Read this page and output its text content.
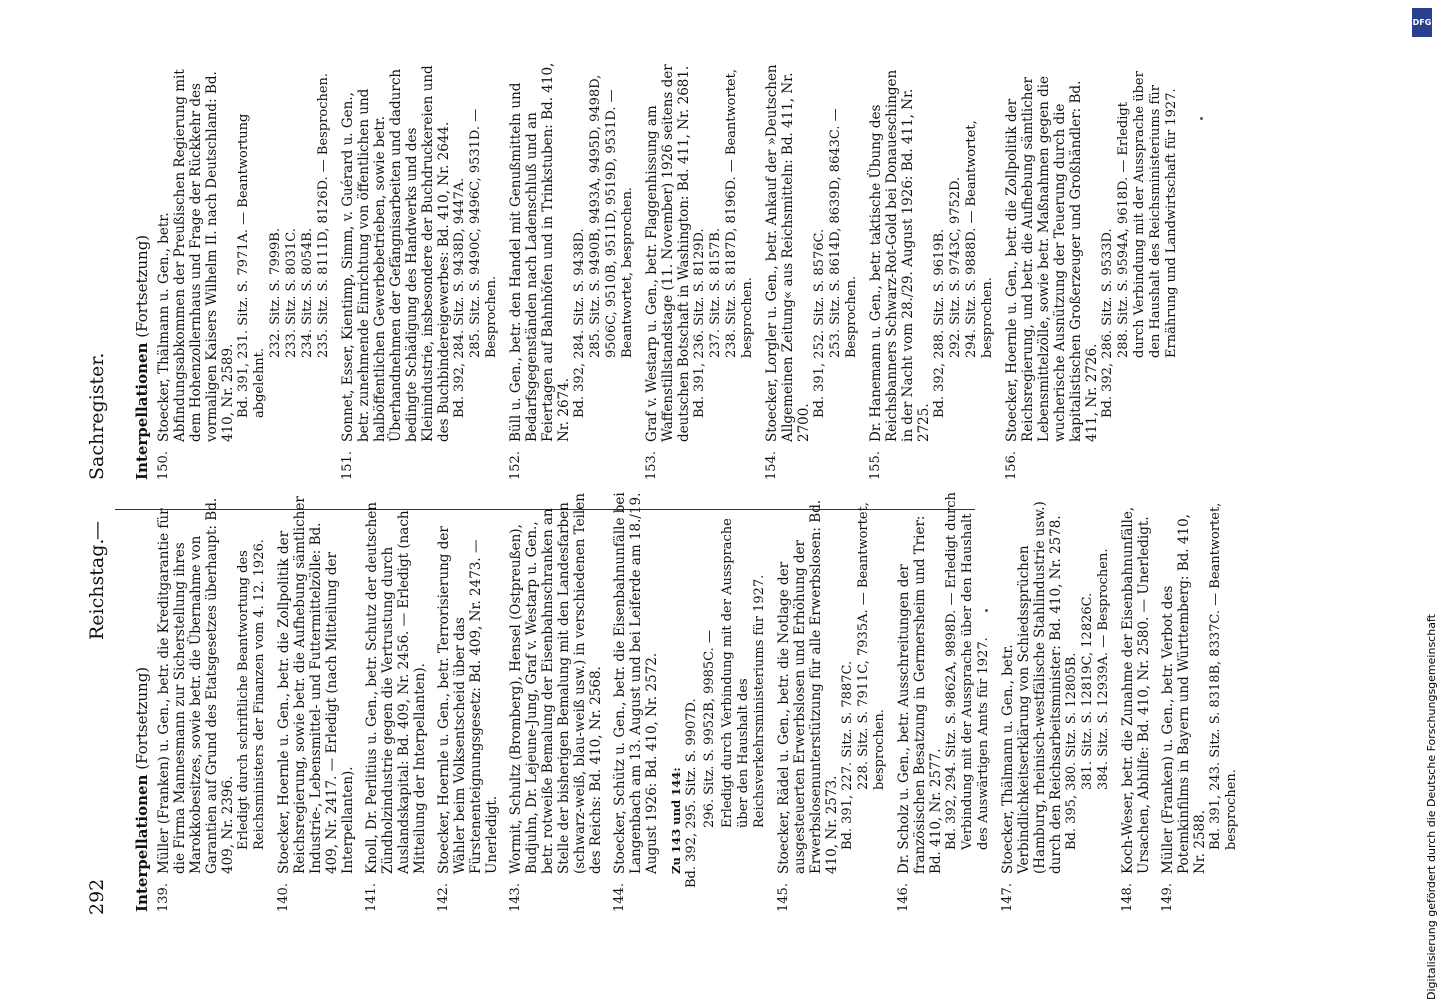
292
Reichstag.
—
Sachregister.
Interpellationen (Fortsetzung)
139.
Müller (Franken) u. Gen., betr. die Kreditgarantie für die Firma Mannesmann zur Sicherstellung ihres Marokkobesitzes, sowie betr. die Übernahme von Garantien auf Grund des Etatsgesetzes überhaupt: Bd. 409, Nr. 2396. Erledigt durch schriftliche Beantwortung des Reichsministers der Finanzen vom 4. 12. 1926.
140.
Stoecker, Hoernle u. Gen., betr. die Zollpolitik der Reichsregierung, sowie betr. die Aufhebung sämtlicher Industrie-, Lebensmittel- und Futtermittelzölle: Bd. 409, Nr. 2417. — Erledigt (nach Mitteilung der Interpellanten).
141.
Knoll, Dr. Perlitius u. Gen., betr. Schutz der deutschen Zündholzindustrie gegen die Vertrustung durch Auslandskapital: Bd. 409, Nr. 2456. — Erledigt (nach Mitteilung der Interpellanten).
142.
Stoecker, Hoernle u. Gen., betr. Terrorisierung der Wähler beim Volksentscheid über das Fürstenenteignungsgesetz: Bd. 409, Nr. 2473. — Unerledigt.
143.
Wormit, Schultz (Bromberg), Hensel (Ostpreußen), Budjuhn, Dr. Lejeune-Jung, Graf v. Westarp u. Gen., betr. rotweiße Bemalung der Eisenbahnschranken an Stelle der bisherigen Bemalung mit den Landesfarben (schwarz-weiß, blau-weiß usw.) in verschiedenen Teilen des Reichs: Bd. 410, Nr. 2568.
144.
Stoecker, Schütz u. Gen., betr. die Eisenbahnunfälle bei Langenbach am 13. August und bei Leiferde am 18./19. August 1926: Bd. 410, Nr. 2572. Zu 143 und 144: Bd. 392, 295. Sitz. S. 9907D. 296. Sitz. S. 9952B, 9985C. — Erledigt durch Verbindung mit der Aussprache über den Haushalt des Reichsverkehrsministeriums für 1927.
145.
Stoecker, Rädel u. Gen., betr. die Notlage der ausgesteuerten Erwerbslosen und Erhöhung der Erwerbslosenunterstützung für alle Erwerbslosen: Bd. 410, Nr. 2573. Bd. 391, 227. Sitz. S. 7887C. 228. Sitz. S. 7911C, 7935A. — Beantwortet, besprochen.
146.
Dr. Scholz u. Gen., betr. Ausschreitungen der französischen Besatzung in Germersheim und Trier: Bd. 410, Nr. 2577. Bd. 392, 294. Sitz. S. 9862A, 9898D. — Erledigt durch Verbindung mit der Aussprache über den Haushalt des Auswärtigen Amts für 1927.
147.
Stoecker, Thälmann u. Gen., betr. Verbindlichkeitserklärung von Schiedssprüchen (Hamburg, rheinisch-westfälische Stahlindustrie usw.) durch den Reichsarbeitsminister: Bd. 410, Nr. 2578. Bd. 395, 380. Sitz. S. 12805B. 381. Sitz. S. 12819C, 12826C. 384. Sitz. S. 12939A. — Besprochen.
148.
Koch-Weser, betr. die Zunahme der Eisenbahnunfälle, Ursachen, Abhilfe: Bd. 410, Nr. 2580. — Unerledigt.
149.
Müller (Franken) u. Gen., betr. Verbot des Potemkinfilms in Bayern und Württemberg: Bd. 410, Nr. 2588. Bd. 391, 243. Sitz. S. 8318B, 8337C. — Beantwortet, besprochen.
Interpellationen (Fortsetzung)
150.
Stoecker, Thälmann u. Gen., betr. Abfindungsabkommen der Preußischen Regierung mit dem Hohenzollernhaus und Frage der Rückkehr des vormaligen Kaisers Wilhelm II. nach Deutschland: Bd. 410, Nr. 2589. Bd. 391, 231. Sitz. S. 7971A. — Beantwortung abgelehnt.
232. Sitz. S. 7999B. 233. Sitz. S. 8031C. 234. Sitz. S. 8054B. 235. Sitz. S. 8111D, 8126D. — Besprochen.
151.
Sonnet, Esser, Kientimp, Simm, v. Guérard u. Gen., betr. zunehmende Einrichtung von öffentlichen und halböffentlichen Gewerbebetrieben, sowie betr. Überhandnehmen der Gefängnisarbeiten und dadurch bedingte Schädigung des Handwerks und des Kleinindustrie, insbesondere der Buchdruckereien und des Buchbindereigewerbes: Bd. 410, Nr. 2644. Bd. 392, 284. Sitz. S. 9438D, 9447A. 285. Sitz. S. 9490C, 9496C, 9531D. — Besprochen.
152.
Büll u. Gen., betr. den Handel mit Genußmitteln und Bedarfsgegenständen nach Ladenschluß und an Feiertagen auf Bahnhöfen und in Trinkstuben: Bd. 410, Nr. 2674. Bd. 392, 284. Sitz. S. 9438D. 285. Sitz. S. 9490B, 9493A, 9495D, 9498D, 9506C, 9510B, 9511D, 9519D, 9531D. — Beantwortet, besprochen.
153.
Graf v. Westarp u. Gen., betr. Flaggenhissung am Waffenstillstandstage (11. November) 1926 seitens der deutschen Botschaft in Washington: Bd. 411, Nr. 2681. Bd. 391, 236. Sitz. S. 8129D. 237. Sitz. S. 8157B. 238. Sitz. S. 8187D, 8196D. — Beantwortet, besprochen.
154.
Stoecker, Lorgler u. Gen., betr. Ankauf der »Deutschen Allgemeinen Zeitung« aus Reichsmitteln: Bd. 411, Nr. 2700.
Bd. 391, 252. Sitz. S. 8576C. 253. Sitz. S. 8614D, 8639D, 8643C. — Besprochen.
155.
Dr. Hanemann u. Gen., betr. taktische Übung des Reichsbanners Schwarz-Rot-Gold bei Donaueschingen in der Nacht vom 28./29. August 1926: Bd. 411, Nr. 2725.
Bd. 392, 288. Sitz. S. 9619B. 292. Sitz. S. 9743C, 9752D. 294. Sitz. S. 9888D. — Beantwortet, besprochen.
156.
Stoecker, Hoernle u. Gen., betr. die Zollpolitik der Reichsregierung, und betr. die Aufhebung sämtlicher Lebensmittelzölle, sowie betr. Maßnahmen gegen die wucherische Ausnützung der Teuerung durch die kapitalistischen Großerzeuger und Großhändler: Bd. 411, Nr. 2726. Bd. 392, 286. Sitz. S. 9533D. 288. Sitz. S. 9594A, 9618D. — Erledigt durch Verbindung mit der Aussprache über den Haushalt des Reichsministeriums für Ernährung und Landwirtschaft für 1927.
Digitalisierung gefördert durch die Deutsche Forschungsgemeinschaft
DFG
